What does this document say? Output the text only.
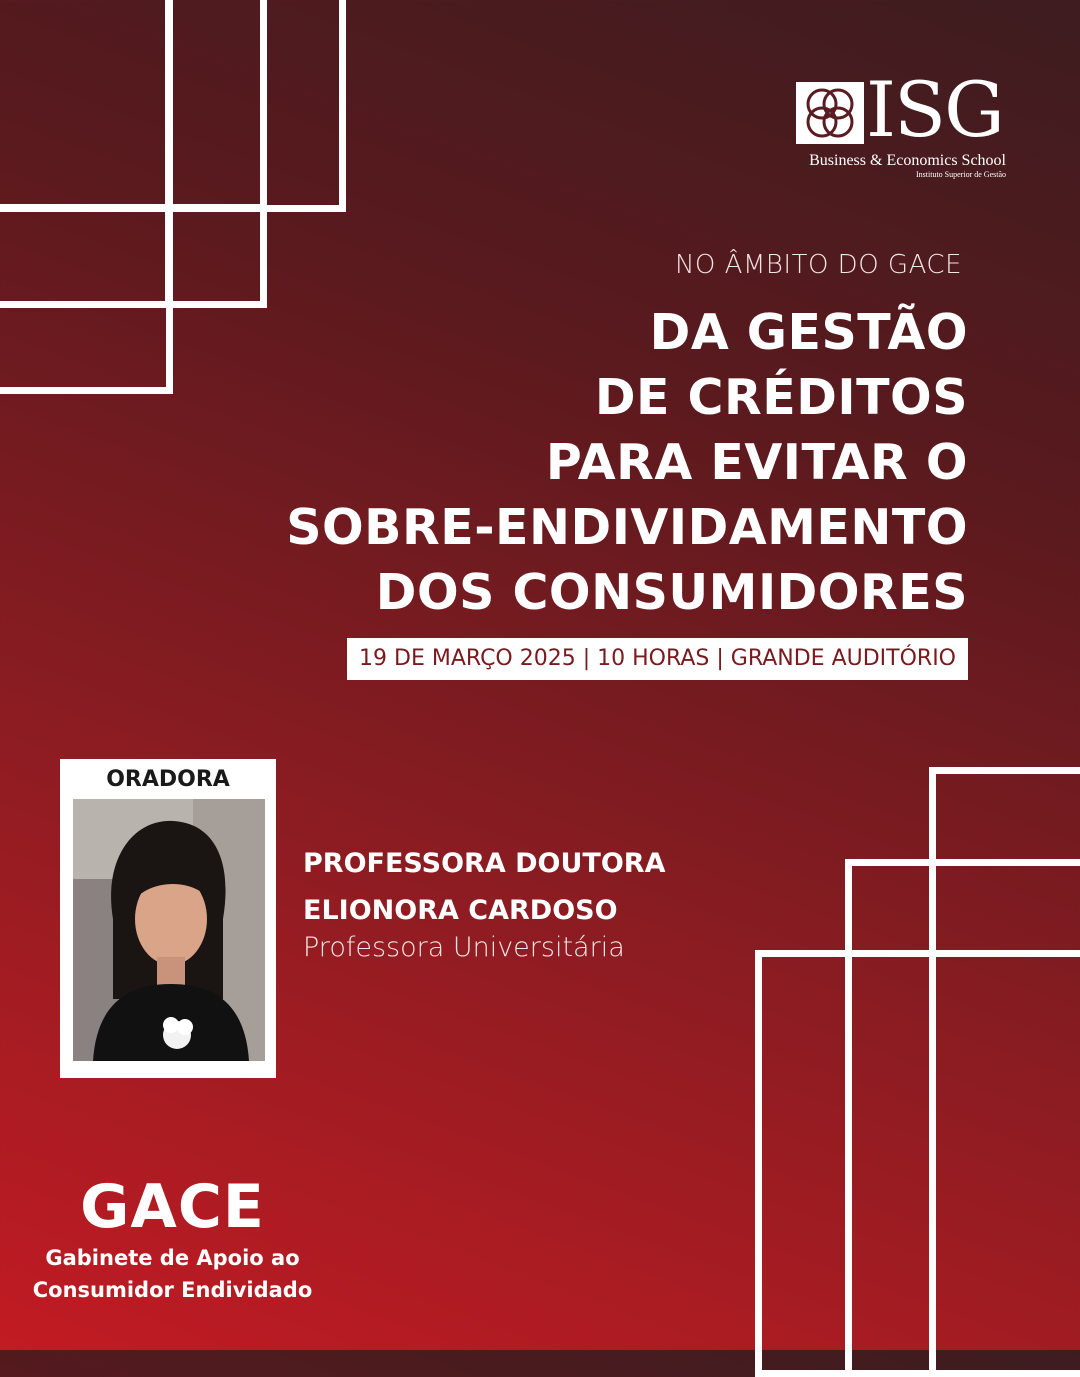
ISG
Business & Economics School
Instituto Superior de Gestão
NO ÂMBITO DO GACE
DA GESTÃO
DE CRÉDITOS
PARA EVITAR O
SOBRE-ENDIVIDAMENTO
DOS CONSUMIDORES
19 DE MARÇO 2025 | 10 HORAS | GRANDE AUDITÓRIO
ORADORA
PROFESSORA DOUTORA
ELIONORA CARDOSO
Professora Universitária
GACE
Gabinete de Apoio ao
Consumidor Endividado
